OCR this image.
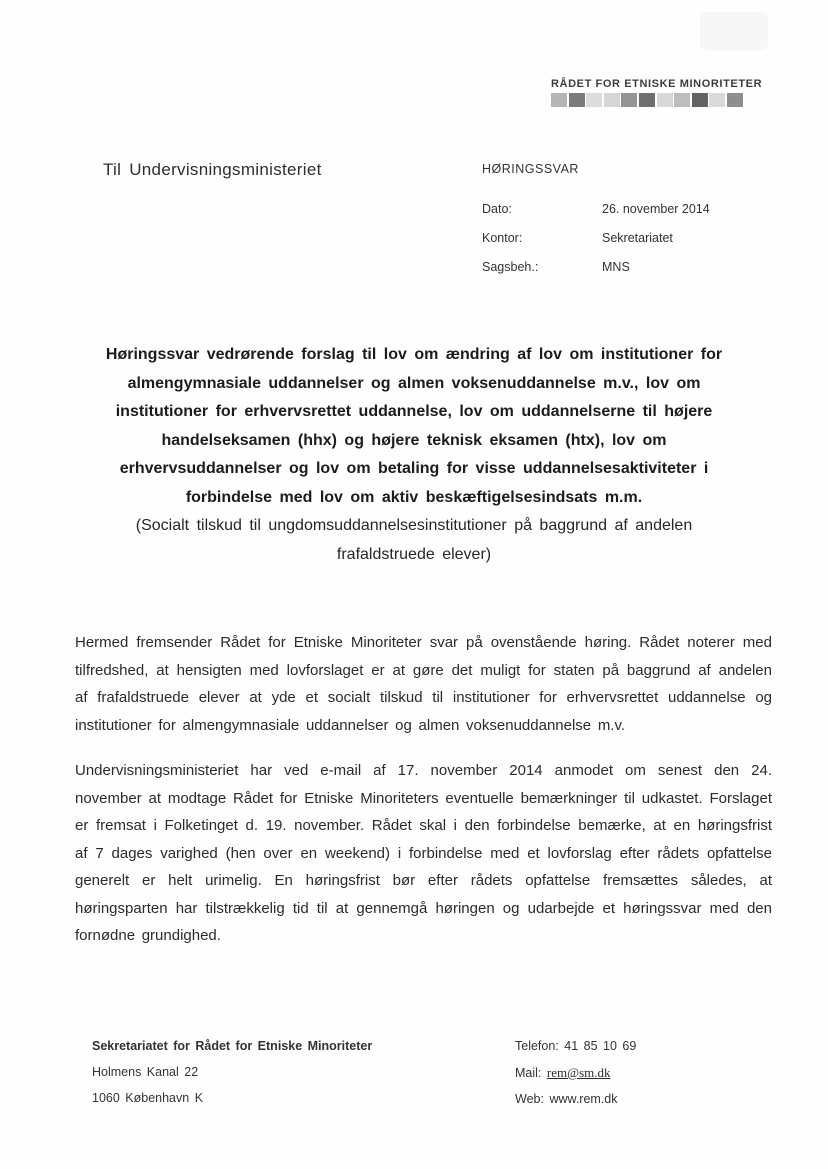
RÅDET FOR ETNISKE MINORITETER
Til Undervisningsministeriet	HØRINGSSVAR
Dato:	26. november 2014
Kontor:	Sekretariatet
Sagsbeh.:	MNS
Høringssvar vedrørende forslag til lov om ændring af lov om institutioner for
almengymnasiale uddannelser og almen voksenuddannelse m.v., lov om
institutioner for erhvervsrettet uddannelse, lov om uddannelserne til højere
handelseksamen (hhx) og højere teknisk eksamen (htx), lov om
erhvervsuddannelser og lov om betaling for visse uddannelsesaktiviteter i
forbindelse med lov om aktiv beskæftigelsesindsats m.m.
(Socialt tilskud til ungdomsuddannelsesinstitutioner på baggrund af andelen
frafaldstruede elever)

Hermed fremsender Rådet for Etniske Minoriteter svar på ovenstående høring. Rådet noterer med tilfredshed, at hensigten med lovforslaget er at gøre det muligt for staten på baggrund af andelen af frafaldstruede elever at yde et socialt tilskud til institutioner for erhvervsrettet uddannelse og institutioner for almengymnasiale uddannelser og almen voksenuddannelse m.v.

Undervisningsministeriet har ved e-mail af 17. november 2014 anmodet om senest den 24. november at modtage Rådet for Etniske Minoriteters eventuelle bemærkninger til udkastet. Forslaget er fremsat i Folketinget d. 19. november. Rådet skal i den forbindelse bemærke, at en høringsfrist af 7 dages varighed (hen over en weekend) i forbindelse med et lovforslag efter rådets opfattelse generelt er helt urimelig. En høringsfrist bør efter rådets opfattelse fremsættes således, at høringsparten har tilstrækkelig tid til at gennemgå høringen og udarbejde et høringssvar med den fornødne grundighed.

Sekretariatet for Rådet for Etniske Minoriteter
Holmens Kanal 22
1060 København K
Telefon: 41 85 10 69
Mail: rem@sm.dk
Web: www.rem.dk
